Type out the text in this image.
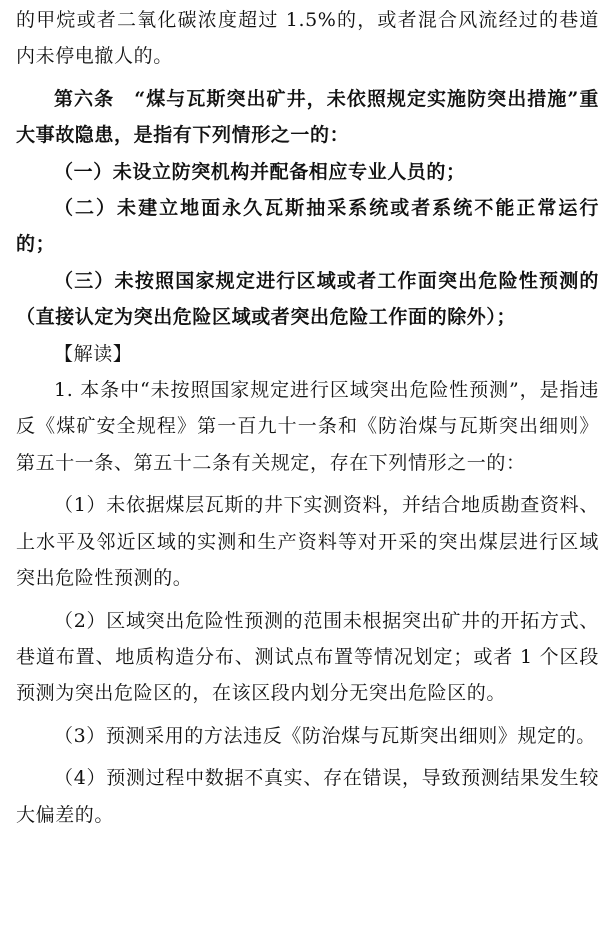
的甲烷或者二氧化碳浓度超过 1.5%的，或者混合风流经过的巷道内未停电撤人的。

第六条　“煤与瓦斯突出矿井，未依照规定实施防突出措施”重大事故隐患，是指有下列情形之一的：

（一）未设立防突机构并配备相应专业人员的；

（二）未建立地面永久瓦斯抽采系统或者系统不能正常运行的；

（三）未按照国家规定进行区域或者工作面突出危险性预测的（直接认定为突出危险区域或者突出危险工作面的除外）；

【解读】

1. 本条中“未按照国家规定进行区域突出危险性预测”，是指违反《煤矿安全规程》第一百九十一条和《防治煤与瓦斯突出细则》第五十一条、第五十二条有关规定，存在下列情形之一的：

（1）未依据煤层瓦斯的井下实测资料，并结合地质勘查资料、上水平及邻近区域的实测和生产资料等对开采的突出煤层进行区域突出危险性预测的。

（2）区域突出危险性预测的范围未根据突出矿井的开拓方式、巷道布置、地质构造分布、测试点布置等情况划定；或者 1 个区段预测为突出危险区的，在该区段内划分无突出危险区的。

（3）预测采用的方法违反《防治煤与瓦斯突出细则》规定的。

（4）预测过程中数据不真实、存在错误，导致预测结果发生较大偏差的。
